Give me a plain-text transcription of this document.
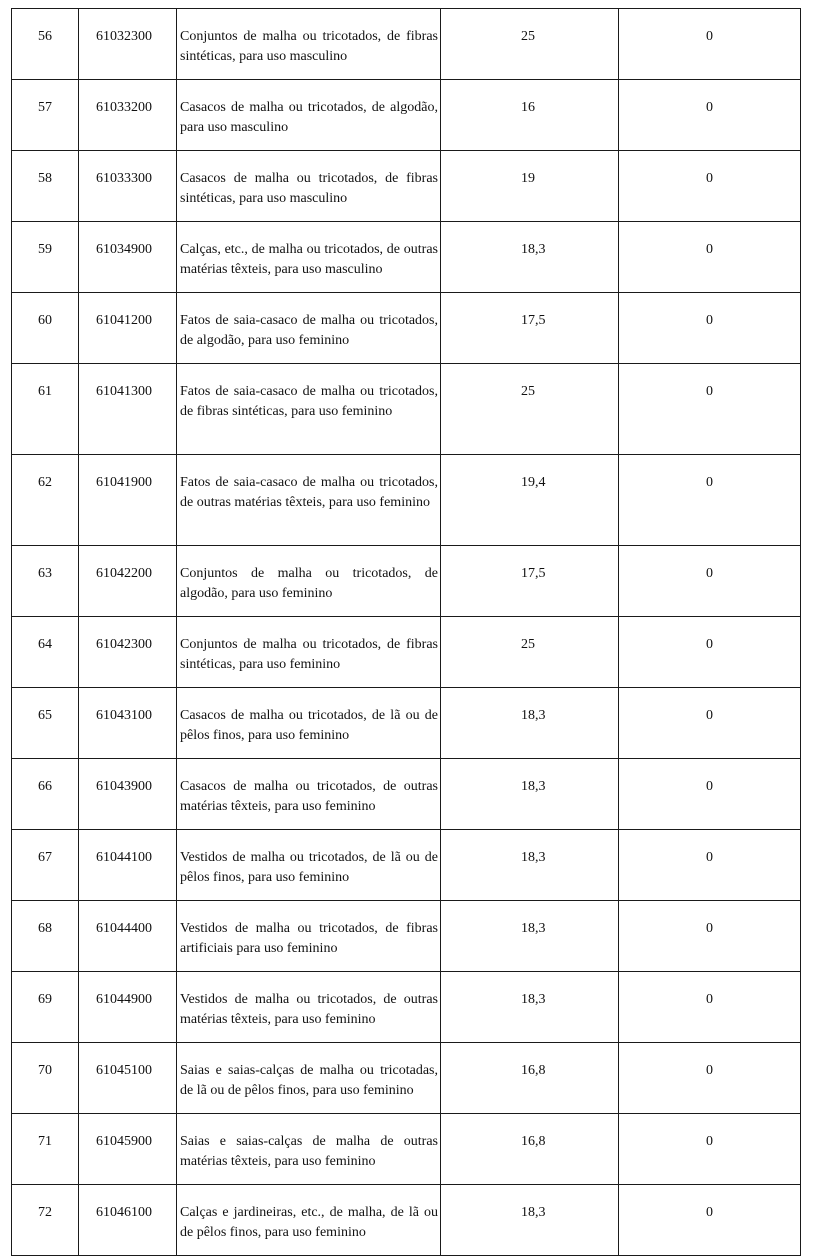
56	61032300	Conjuntos de malha ou tricotados, de fibras sintéticas, para uso masculino	25	0
57	61033200	Casacos de malha ou tricotados, de algodão, para uso masculino	16	0
58	61033300	Casacos de malha ou tricotados, de fibras sintéticas, para uso masculino	19	0
59	61034900	Calças, etc., de malha ou tricotados, de outras matérias têxteis, para uso masculino	18,3	0
60	61041200	Fatos de saia-casaco de malha ou tricotados, de algodão, para uso feminino	17,5	0
61	61041300	Fatos de saia-casaco de malha ou tricotados, de fibras sintéticas, para uso feminino	25	0
62	61041900	Fatos de saia-casaco de malha ou tricotados, de outras matérias têxteis, para uso feminino	19,4	0
63	61042200	Conjuntos de malha ou tricotados, de algodão, para uso feminino	17,5	0
64	61042300	Conjuntos de malha ou tricotados, de fibras sintéticas, para uso feminino	25	0
65	61043100	Casacos de malha ou tricotados, de lã ou de pêlos finos, para uso feminino	18,3	0
66	61043900	Casacos de malha ou tricotados, de outras matérias têxteis, para uso feminino	18,3	0
67	61044100	Vestidos de malha ou tricotados, de lã ou de pêlos finos, para uso feminino	18,3	0
68	61044400	Vestidos de malha ou tricotados, de fibras artificiais para uso feminino	18,3	0
69	61044900	Vestidos de malha ou tricotados, de outras matérias têxteis, para uso feminino	18,3	0
70	61045100	Saias e saias-calças de malha ou tricotadas, de lã ou de pêlos finos, para uso feminino	16,8	0
71	61045900	Saias e saias-calças de malha de outras matérias têxteis, para uso feminino	16,8	0
72	61046100	Calças e jardineiras, etc., de malha, de lã ou de pêlos finos, para uso feminino	18,3	0
